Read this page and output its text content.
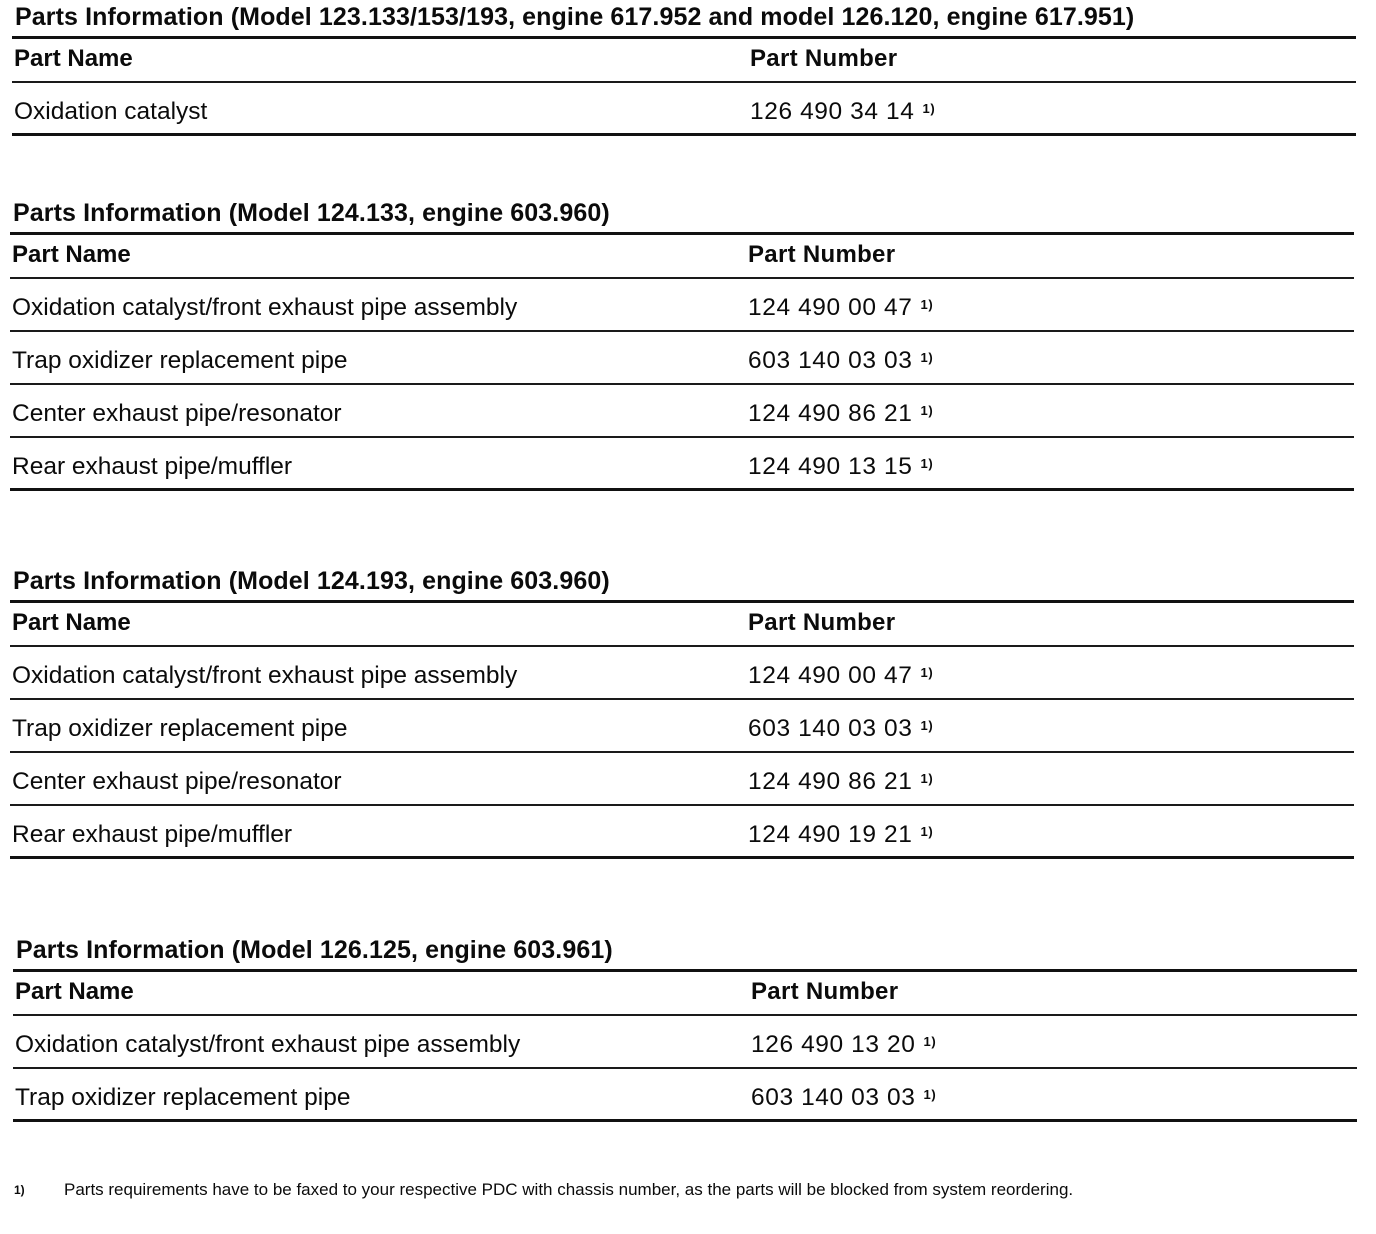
Parts Information (Model 123.133/153/193, engine 617.952 and model 126.120, engine 617.951)
Part Name	Part Number
Oxidation catalyst	126 490 34 14 $^{1)}$
Parts Information (Model 124.133, engine 603.960)
Part Name	Part Number
Oxidation catalyst/front exhaust pipe assembly	124 490 00 47 $^{1)}$
Trap oxidizer replacement pipe	603 140 03 03 $^{1)}$
Center exhaust pipe/resonator	124 490 86 21 $^{1)}$
Rear exhaust pipe/muffler	124 490 13 15 $^{1)}$
Parts Information (Model 124.193, engine 603.960)
Part Name	Part Number
Oxidation catalyst/front exhaust pipe assembly	124 490 00 47 $^{1)}$
Trap oxidizer replacement pipe	603 140 03 03 $^{1)}$
Center exhaust pipe/resonator	124 490 86 21 $^{1)}$
Rear exhaust pipe/muffler	124 490 19 21 $^{1)}$
Parts Information (Model 126.125, engine 603.961)
Part Name	Part Number
Oxidation catalyst/front exhaust pipe assembly	126 490 13 20 $^{1)}$
Trap oxidizer replacement pipe	603 140 03 03 $^{1)}$
1) Parts requirements have to be faxed to your respective PDC with chassis number, as the parts will be blocked from system reordering.
